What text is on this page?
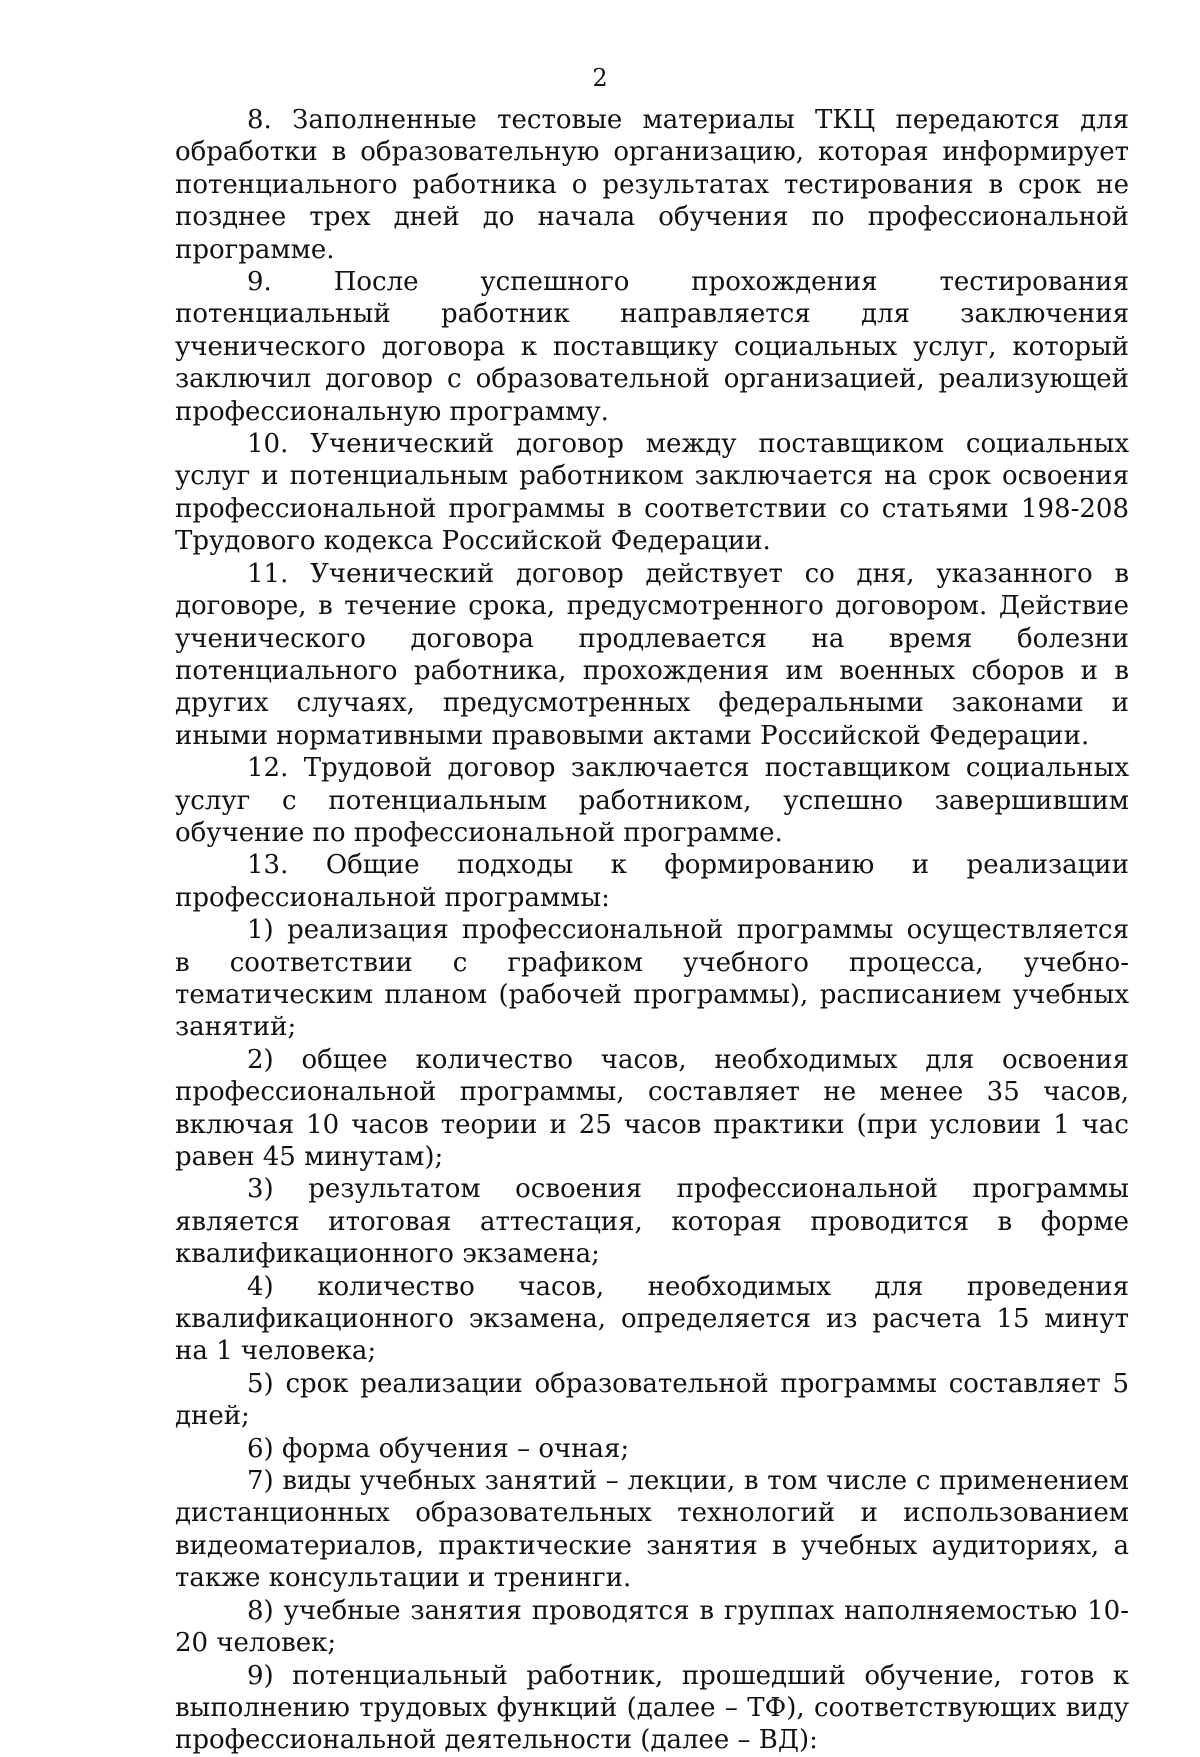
2

8. Заполненные тестовые материалы ТКЦ передаются для обработки в образовательную организацию, которая информирует потенциального работника о результатах тестирования в срок не позднее трех дней до начала обучения по профессиональной программе.

9. После успешного прохождения тестирования потенциальный работник направляется для заключения ученического договора к поставщику социальных услуг, который заключил договор с образовательной организацией, реализующей профессиональную программу.

10. Ученический договор между поставщиком социальных услуг и потенциальным работником заключается на срок освоения профессиональной программы в соответствии со статьями 198-208 Трудового кодекса Российской Федерации.

11. Ученический договор действует со дня, указанного в договоре, в течение срока, предусмотренного договором. Действие ученического договора продлевается на время болезни потенциального работника, прохождения им военных сборов и в других случаях, предусмотренных федеральными законами и иными нормативными правовыми актами Российской Федерации.

12. Трудовой договор заключается поставщиком социальных услуг с потенциальным работником, успешно завершившим обучение по профессиональной программе.

13. Общие подходы к формированию и реализации профессиональной программы:

1) реализация профессиональной программы осуществляется в соответствии с графиком учебного процесса, учебно-тематическим планом (рабочей программы), расписанием учебных занятий;

2) общее количество часов, необходимых для освоения профессиональной программы, составляет не менее 35 часов, включая 10 часов теории и 25 часов практики (при условии 1 час равен 45 минутам);

3) результатом освоения профессиональной программы является итоговая аттестация, которая проводится в форме квалификационного экзамена;

4) количество часов, необходимых для проведения квалификационного экзамена, определяется из расчета 15 минут на 1 человека;

5) срок реализации образовательной программы составляет 5 дней;

6) форма обучения – очная;

7) виды учебных занятий – лекции, в том числе с применением дистанционных образовательных технологий и использованием видеоматериалов, практические занятия в учебных аудиториях, а также консультации и тренинги.

8) учебные занятия проводятся в группах наполняемостью 10-20 человек;

9) потенциальный работник, прошедший обучение, готов к выполнению трудовых функций (далее – ТФ), соответствующих виду профессиональной деятельности (далее – ВД):
